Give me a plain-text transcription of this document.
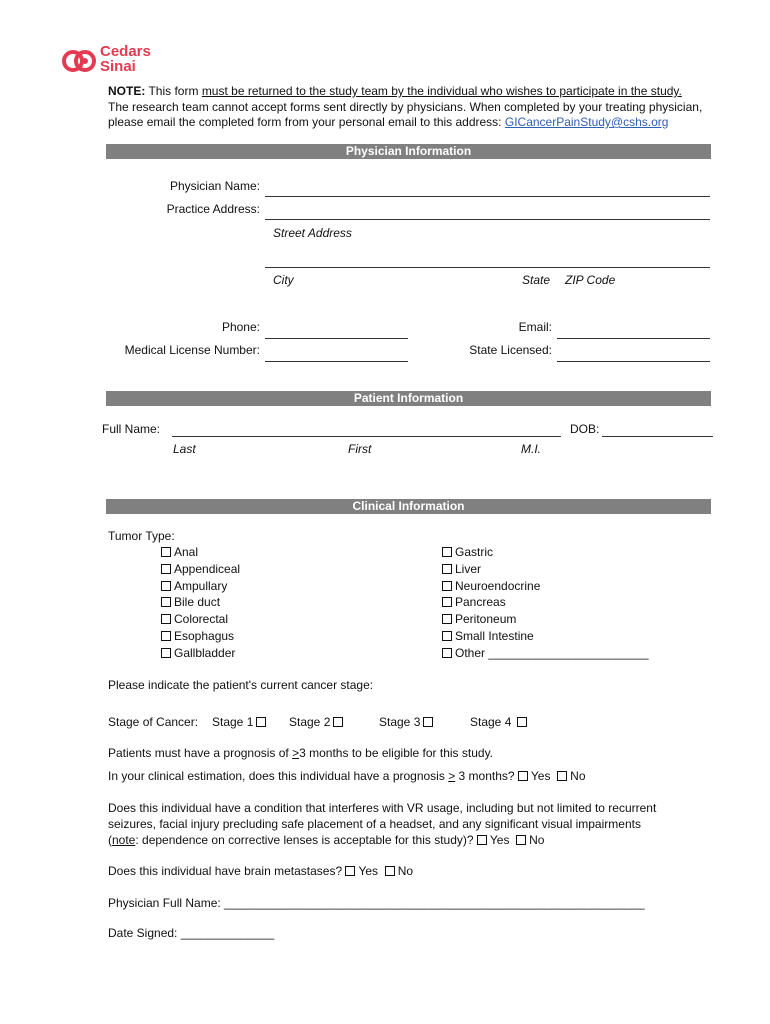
Cedars
Sinai
NOTE: This form must be returned to the study team by the individual who wishes to participate in the study.
The research team cannot accept forms sent directly by physicians. When completed by your treating physician,
please email the completed form from your personal email to this address: GICancerPainStudy@cshs.org
Physician Information
Physician Name:
Practice Address:
Street Address
City	State ZIP Code
Phone:	Email:
Medical License Number:	State Licensed:
Patient Information
Full Name:	DOB:
Last	First	M.I.
Clinical Information
Tumor Type:
Anal
Appendiceal
Ampullary
Bile duct
Colorectal
Esophagus
Gallbladder
Gastric
Liver
Neuroendocrine
Pancreas
Peritoneum
Small Intestine
Other ________________________
Please indicate the patient's current cancer stage:
Stage of Cancer: Stage 1	Stage 2	Stage 3	Stage 4
Patients must have a prognosis of ≥3 months to be eligible for this study.
In your clinical estimation, does this individual have a prognosis ≥ 3 months? Yes No
Does this individual have a condition that interferes with VR usage, including but not limited to recurrent
seizures, facial injury precluding safe placement of a headset, and any significant visual impairments
(note: dependence on corrective lenses is acceptable for this study)? Yes No
Does this individual have brain metastases? Yes No
Physician Full Name: _______________________________________________________________
Date Signed: ______________
